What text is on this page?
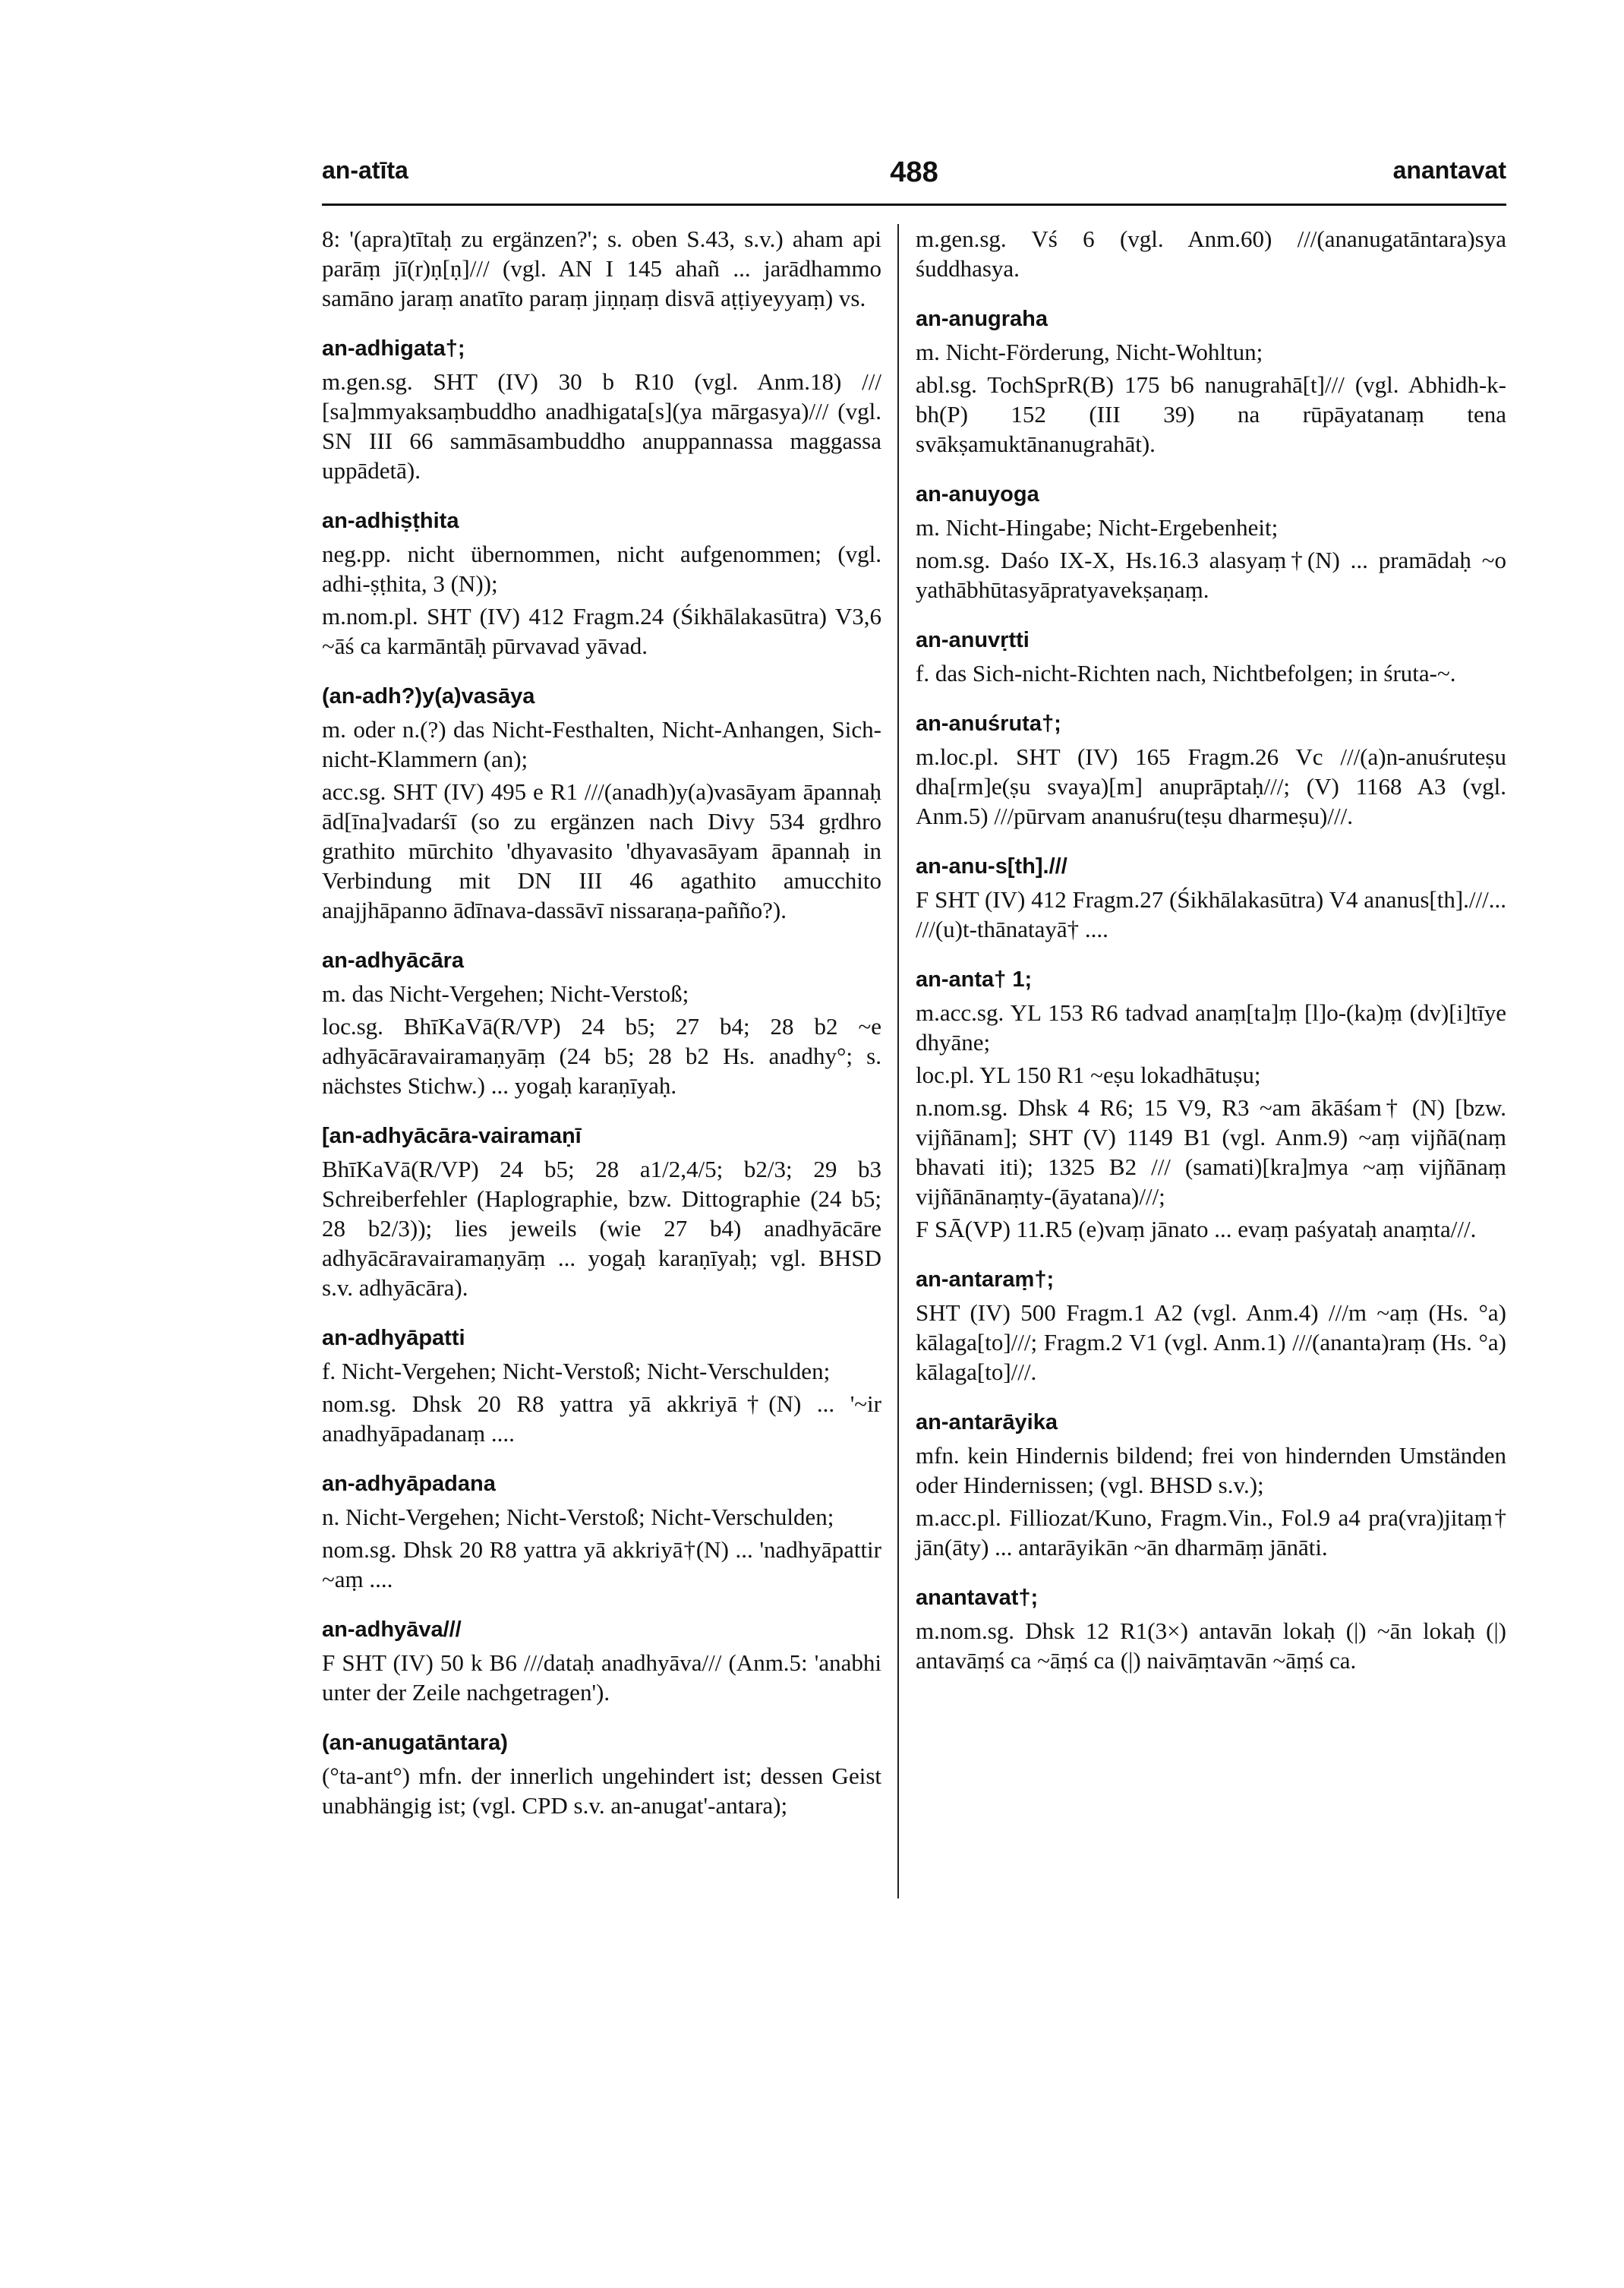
an-atīta	488	anantavat

8: '(apra)tītaḥ zu ergänzen?'; s. oben S.43, s.v.) aham api parāṃ jī(r)ṇ[ṇ]/// (vgl. AN I 145 ahañ ... jarādhammo samāno jaraṃ anatīto paraṃ jiṇṇaṃ disvā aṭṭiyeyyaṃ) vs.

an-adhigata†;

m.gen.sg. SHT (IV) 30 b R10 (vgl. Anm.18) /// [sa]mmyaksaṃbuddho anadhigata[s](ya mārgasya)/// (vgl. SN III 66 sammāsambuddho anuppannassa maggassa uppādetā).

an-adhiṣṭhita

neg.pp. nicht übernommen, nicht aufgenommen; (vgl. adhi-ṣṭhita, 3 (N));

m.nom.pl. SHT (IV) 412 Fragm.24 (Śikhālakasūtra) V3,6 ~āś ca karmāntāḥ pūrvavad yāvad.

(an-adh?)y(a)vasāya

m. oder n.(?) das Nicht-Festhalten, Nicht-Anhangen, Sich-nicht-Klammern (an);

acc.sg. SHT (IV) 495 e R1 ///(anadh)y(a)vasāyam āpannaḥ ād[īna]vadarśī (so zu ergänzen nach Divy 534 gṛdhro grathito mūrchito 'dhyavasito 'dhyavasāyam āpannaḥ in Verbindung mit DN III 46 agathito amucchito anajjhāpanno ādīnava-dassāvī nissaraṇa-pañño?).

an-adhyācāra

m. das Nicht-Vergehen; Nicht-Verstoß;

loc.sg. BhīKaVā(R/VP) 24 b5; 27 b4; 28 b2 ~e adhyācāravairamaṇyāṃ (24 b5; 28 b2 Hs. anadhy°; s. nächstes Stichw.) ... yogaḥ karaṇīyaḥ.

[an-adhyācāra-vairamaṇī

BhīKaVā(R/VP) 24 b5; 28 a1/2,4/5; b2/3; 29 b3 Schreiberfehler (Haplographie, bzw. Dittographie (24 b5; 28 b2/3)); lies jeweils (wie 27 b4) anadhyācāre adhyācāravairamaṇyāṃ ... yogaḥ karaṇīyaḥ; vgl. BHSD s.v. adhyācāra).

an-adhyāpatti

f. Nicht-Vergehen; Nicht-Verstoß; Nicht-Verschulden;

nom.sg. Dhsk 20 R8 yattra yā akkriyā†(N) ... '~ir anadhyāpadanaṃ ....

an-adhyāpadana

n. Nicht-Vergehen; Nicht-Verstoß; Nicht-Verschulden;

nom.sg. Dhsk 20 R8 yattra yā akkriyā†(N) ... 'nadhyāpattir ~aṃ ....

an-adhyāva///

F SHT (IV) 50 k B6 ///dataḥ anadhyāva/// (Anm.5: 'anabhi unter der Zeile nachgetragen').

(an-anugatāntara)

(°ta-ant°) mfn. der innerlich ungehindert ist; dessen Geist unabhängig ist; (vgl. CPD s.v. an-anugat'-antara);

m.gen.sg. Vś 6 (vgl. Anm.60) ///(ananugatāntara)sya śuddhasya.

an-anugraha

m. Nicht-Förderung, Nicht-Wohltun;

abl.sg. TochSprR(B) 175 b6 nanugrahā[t]/// (vgl. Abhidh-k-bh(P) 152 (III 39) na rūpāyatanaṃ tena svākṣamuktānanugrahāt).

an-anuyoga

m. Nicht-Hingabe; Nicht-Ergebenheit;

nom.sg. Daśo IX-X, Hs.16.3 alasyaṃ†(N) ... pramādaḥ ~o yathābhūtasyāpratyavekṣaṇaṃ.

an-anuvṛtti

f. das Sich-nicht-Richten nach, Nichtbefolgen; in śruta-~.

an-anuśruta†;

m.loc.pl. SHT (IV) 165 Fragm.26 Vc ///(a)n-anuśruteṣu dha[rm]e(ṣu svaya)[m] anuprāptaḥ///; (V) 1168 A3 (vgl. Anm.5) ///pūrvam ananuśru(teṣu dharmeṣu)///.

an-anu-s[th].///

F SHT (IV) 412 Fragm.27 (Śikhālakasūtra) V4 ananus[th].///... ///(u)t-thānatayā† ....

an-anta† 1;

m.acc.sg. YL 153 R6 tadvad anaṃ[ta]ṃ [l]o-(ka)ṃ (dv)[i]tīye dhyāne;

loc.pl. YL 150 R1 ~eṣu lokadhātuṣu;

n.nom.sg. Dhsk 4 R6; 15 V9, R3 ~am ākāśam† (N) [bzw. vijñānam]; SHT (V) 1149 B1 (vgl. Anm.9) ~aṃ vijñā(naṃ bhavati iti); 1325 B2 /// (samati)[kra]mya ~aṃ vijñānaṃ vijñānānaṃty-(āyatana)///;

F SĀ(VP) 11.R5 (e)vaṃ jānato ... evaṃ paśyataḥ anaṃta///.

an-antaraṃ†;

SHT (IV) 500 Fragm.1 A2 (vgl. Anm.4) ///m ~aṃ (Hs. °a) kālaga[to]///; Fragm.2 V1 (vgl. Anm.1) ///(ananta)raṃ (Hs. °a) kālaga[to]///.

an-antarāyika

mfn. kein Hindernis bildend; frei von hindernden Umständen oder Hindernissen; (vgl. BHSD s.v.);

m.acc.pl. Filliozat/Kuno, Fragm.Vin., Fol.9 a4 pra(vra)jitaṃ† jān(āty) ... antarāyikān ~ān dharmāṃ jānāti.

anantavat†;

m.nom.sg. Dhsk 12 R1(3×) antavān lokaḥ (|) ~ān lokaḥ (|) antavāṃś ca ~āṃś ca (|) naivāṃtavān ~āṃś ca.
